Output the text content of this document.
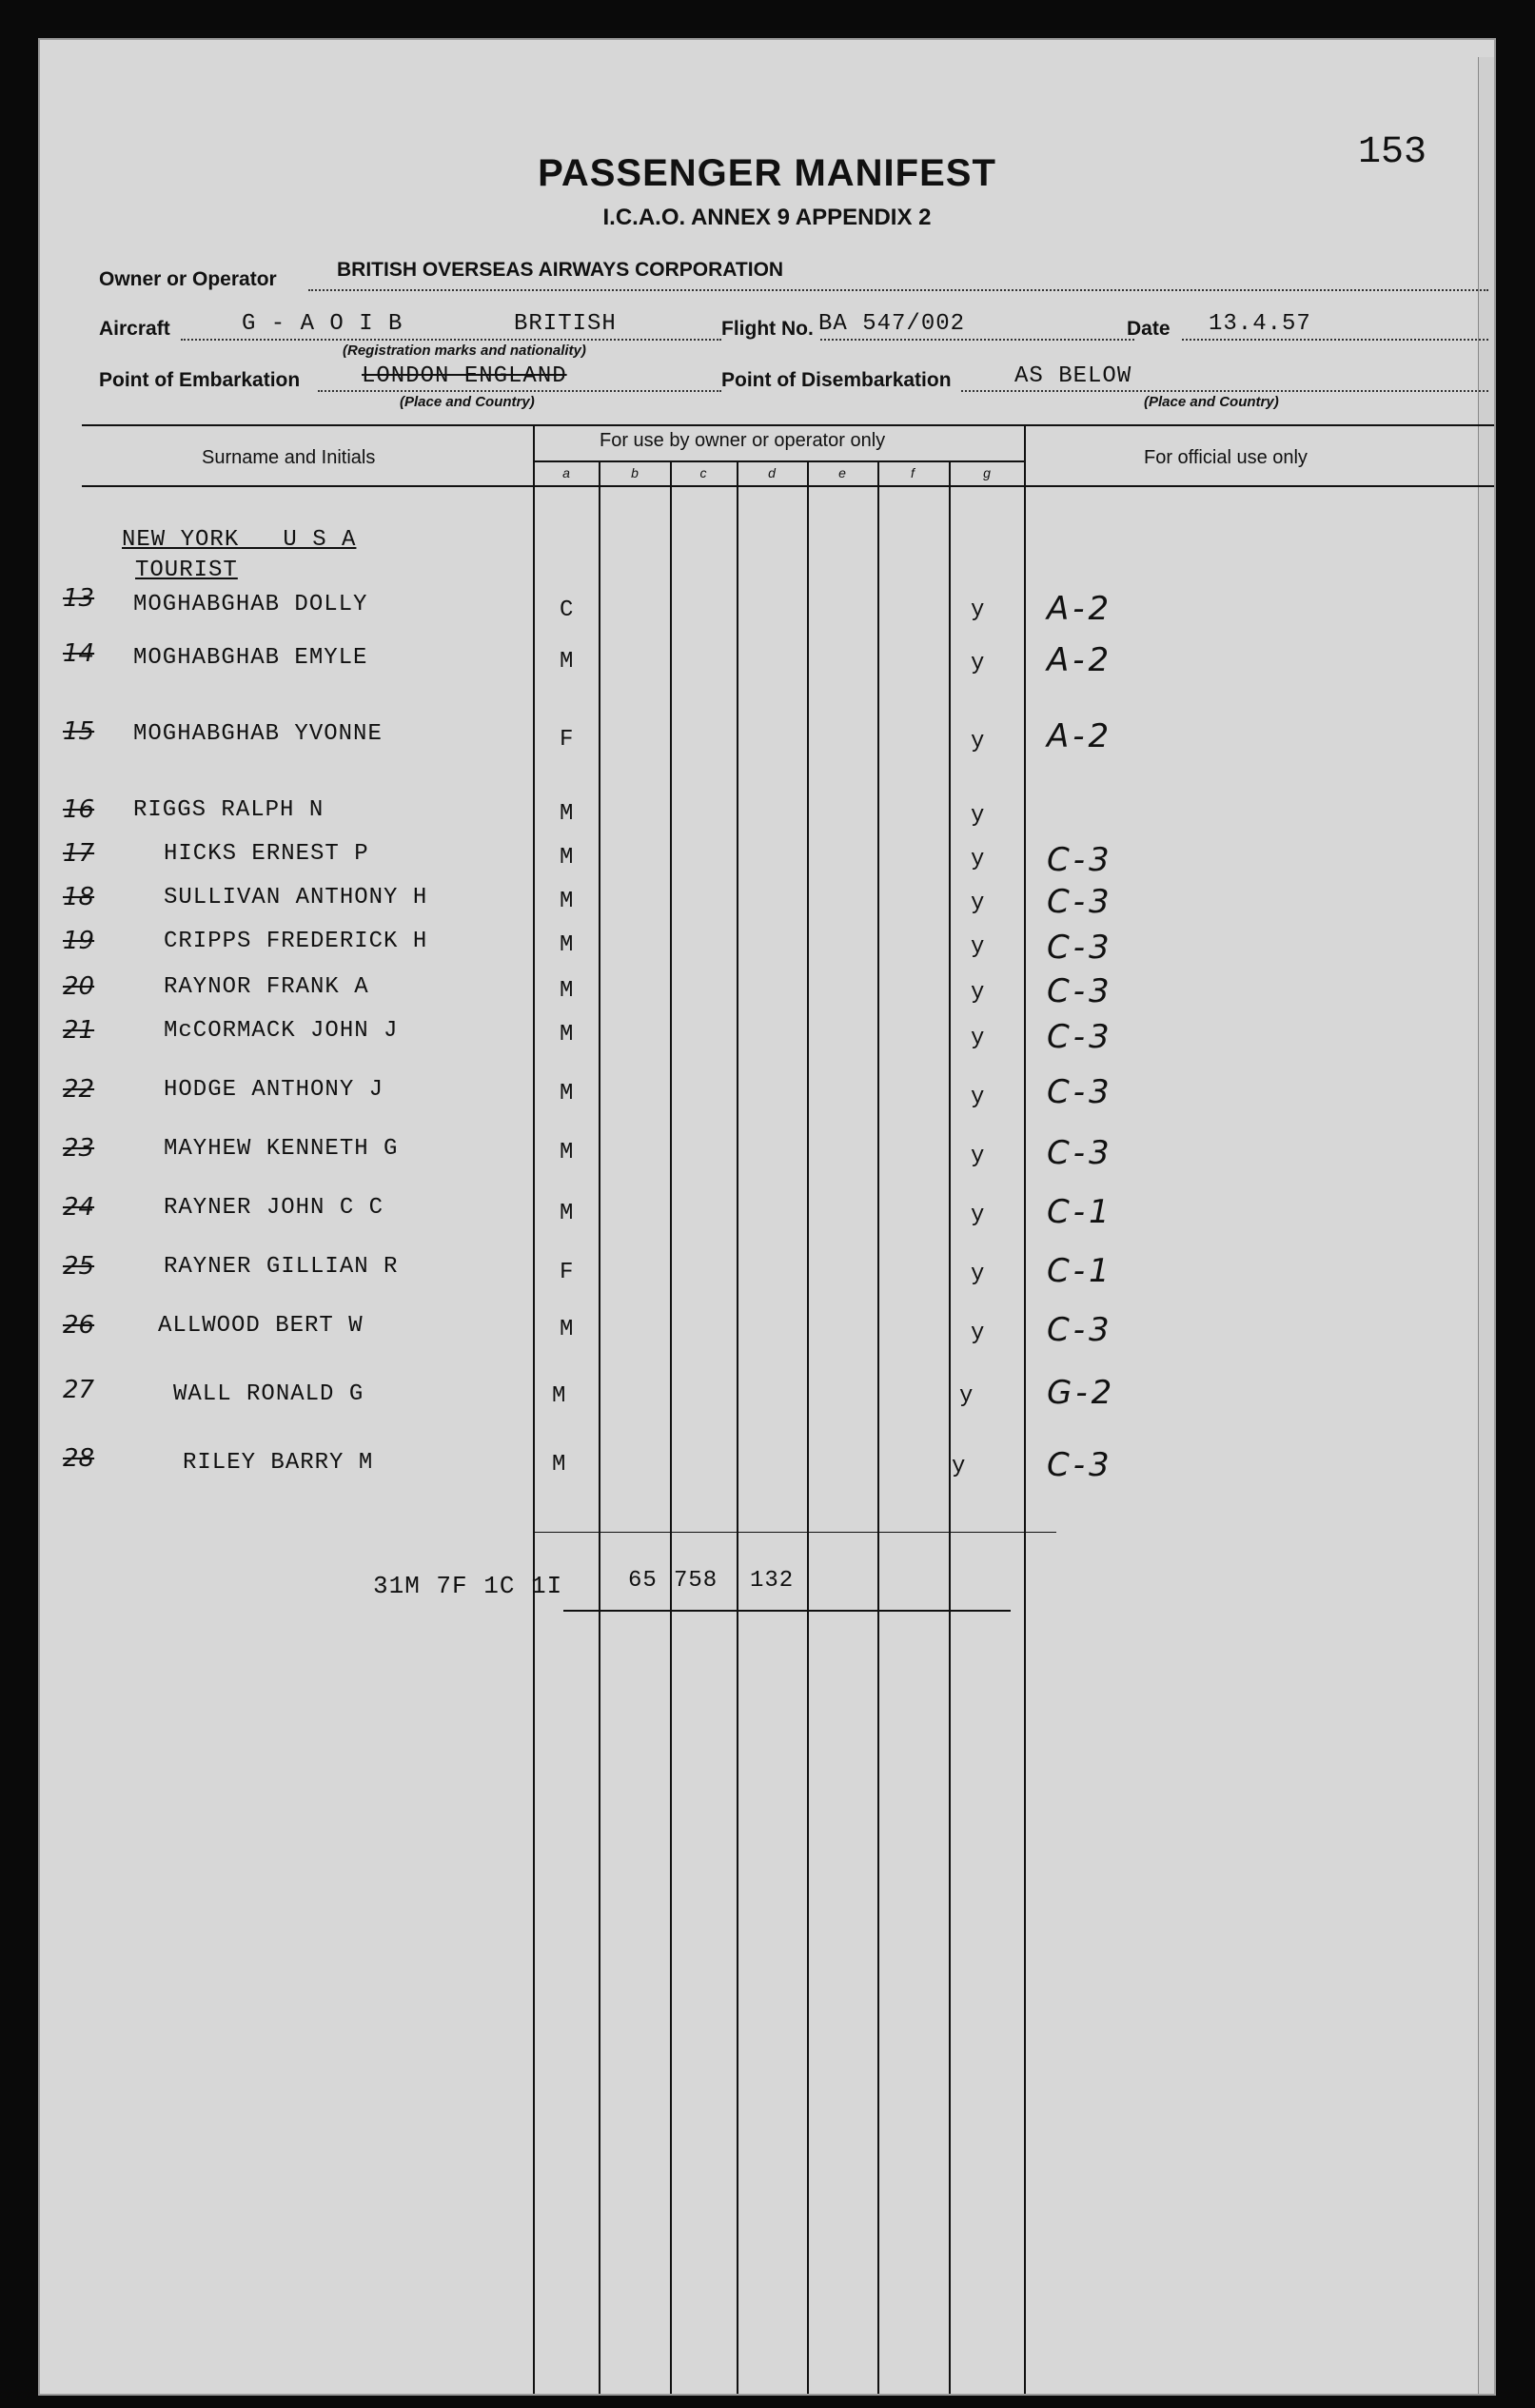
153
PASSENGER MANIFEST
I.C.A.O. ANNEX 9 APPENDIX 2
Owner or Operator	BRITISH OVERSEAS AIRWAYS CORPORATION
Aircraft	G - A O I B	BRITISH
(Registration marks and nationality)
Flight No. BA 547/002	Date 13.4.57
Point of Embarkation	LONDON ENGLAND
(Place and Country)
Point of Disembarkation	AS BELOW
(Place and Country)
Surname and Initials
For use by owner or operator only
For official use only
a	b	c	d	e	f	g
NEW YORK   U S A
TOURIST
13 MOGHABGHAB DOLLY	C	y A-2
14 MOGHABGHAB EMYLE	M	y A-2
15 MOGHABGHAB YVONNE	F	y A-2
16 RIGGS RALPH N	M	y
17	HICKS ERNEST P	M	y C-3
18	SULLIVAN ANTHONY H	M	y C-3
19	CRIPPS FREDERICK H	M	y C-3
20	RAYNOR FRANK A	M	y C-3
21	McCORMACK JOHN J	M	y C-3
22	HODGE ANTHONY J	M	y C-3
23	MAYHEW KENNETH G	M	y C-3
24	RAYNER JOHN C C	M	y C-1
25	RAYNER GILLIAN R	F	y C-1
26	ALLWOOD BERT W	M	y C-3
27	WALL RONALD G	M	y G-2
28	RILEY BARRY M	M	y C-3
31M 7F 1C 1I	65 758 132
